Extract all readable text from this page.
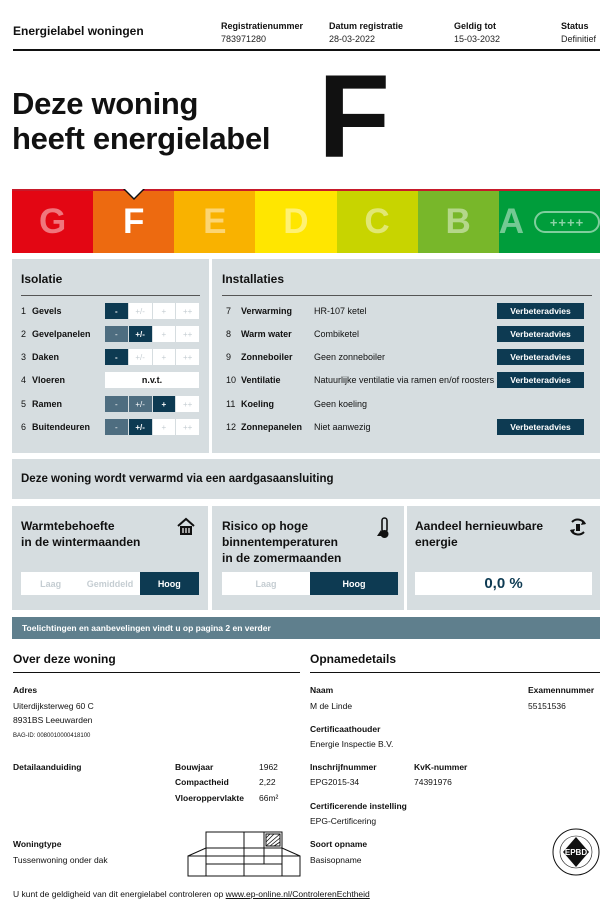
Energielabel woningen	Registratienummer
783971280
Datum registratie
28-03-2022
Geldig tot
15-03-2032
Status
Definitief
Deze woning
heeft energielabel F
G F E D C B A	++++
Isolatie
1 Gevels	-	+/-	+	++
2 Gevelpanelen	-	+/-	+	++
3 Daken	-	+/-	+	++
4 Vloeren	n.v.t.
5 Ramen	-	+/-	+	++
6 Buitendeuren	-	+/-	+	++
Installaties
7	Verwarming	HR-107 ketel	Verbeteradvies
8	Warm water	Combiketel	Verbeteradvies
9	Zonneboiler	Geen zonneboiler	Verbeteradvies
10 Ventilatie	Natuurlijke ventilatie via ramen en/of roosters	Verbeteradvies
11 Koeling	Geen koeling
12 Zonnepanelen	Niet aanwezig	Verbeteradvies
Deze woning wordt verwarmd via een aardgasaansluiting
Warmtebehoefte
in de wintermaanden
Laag	Gemiddeld	Hoog
Risico op hoge
binnentemperaturen
in de zomermaanden
Laag	Hoog
Aandeel hernieuwbare
energie
0,0 %
Toelichtingen en aanbevelingen vindt u op pagina 2 en verder
Over deze woning
Adres
Uiterdijksterweg 60 C
8931BS Leeuwarden
BAG-ID: 0080010000418100
Detailaanduiding	Bouwjaar	1962
Compactheid	2,22
Vloeroppervlakte 66m²
Woningtype
Tussenwoning onder dak
Opnamedetails
Naam
M de Linde
Examennummer
55151536
Certificaathouder
Energie Inspectie B.V.
Inschrijfnummer
EPG2015-34
KvK-nummer
74391976
Certificerende instelling
EPG-Certificering
Soort opname
Basisopname
EPBD
U kunt de geldigheid van dit energielabel controleren op www.ep-online.nl/ControlerenEchtheid
